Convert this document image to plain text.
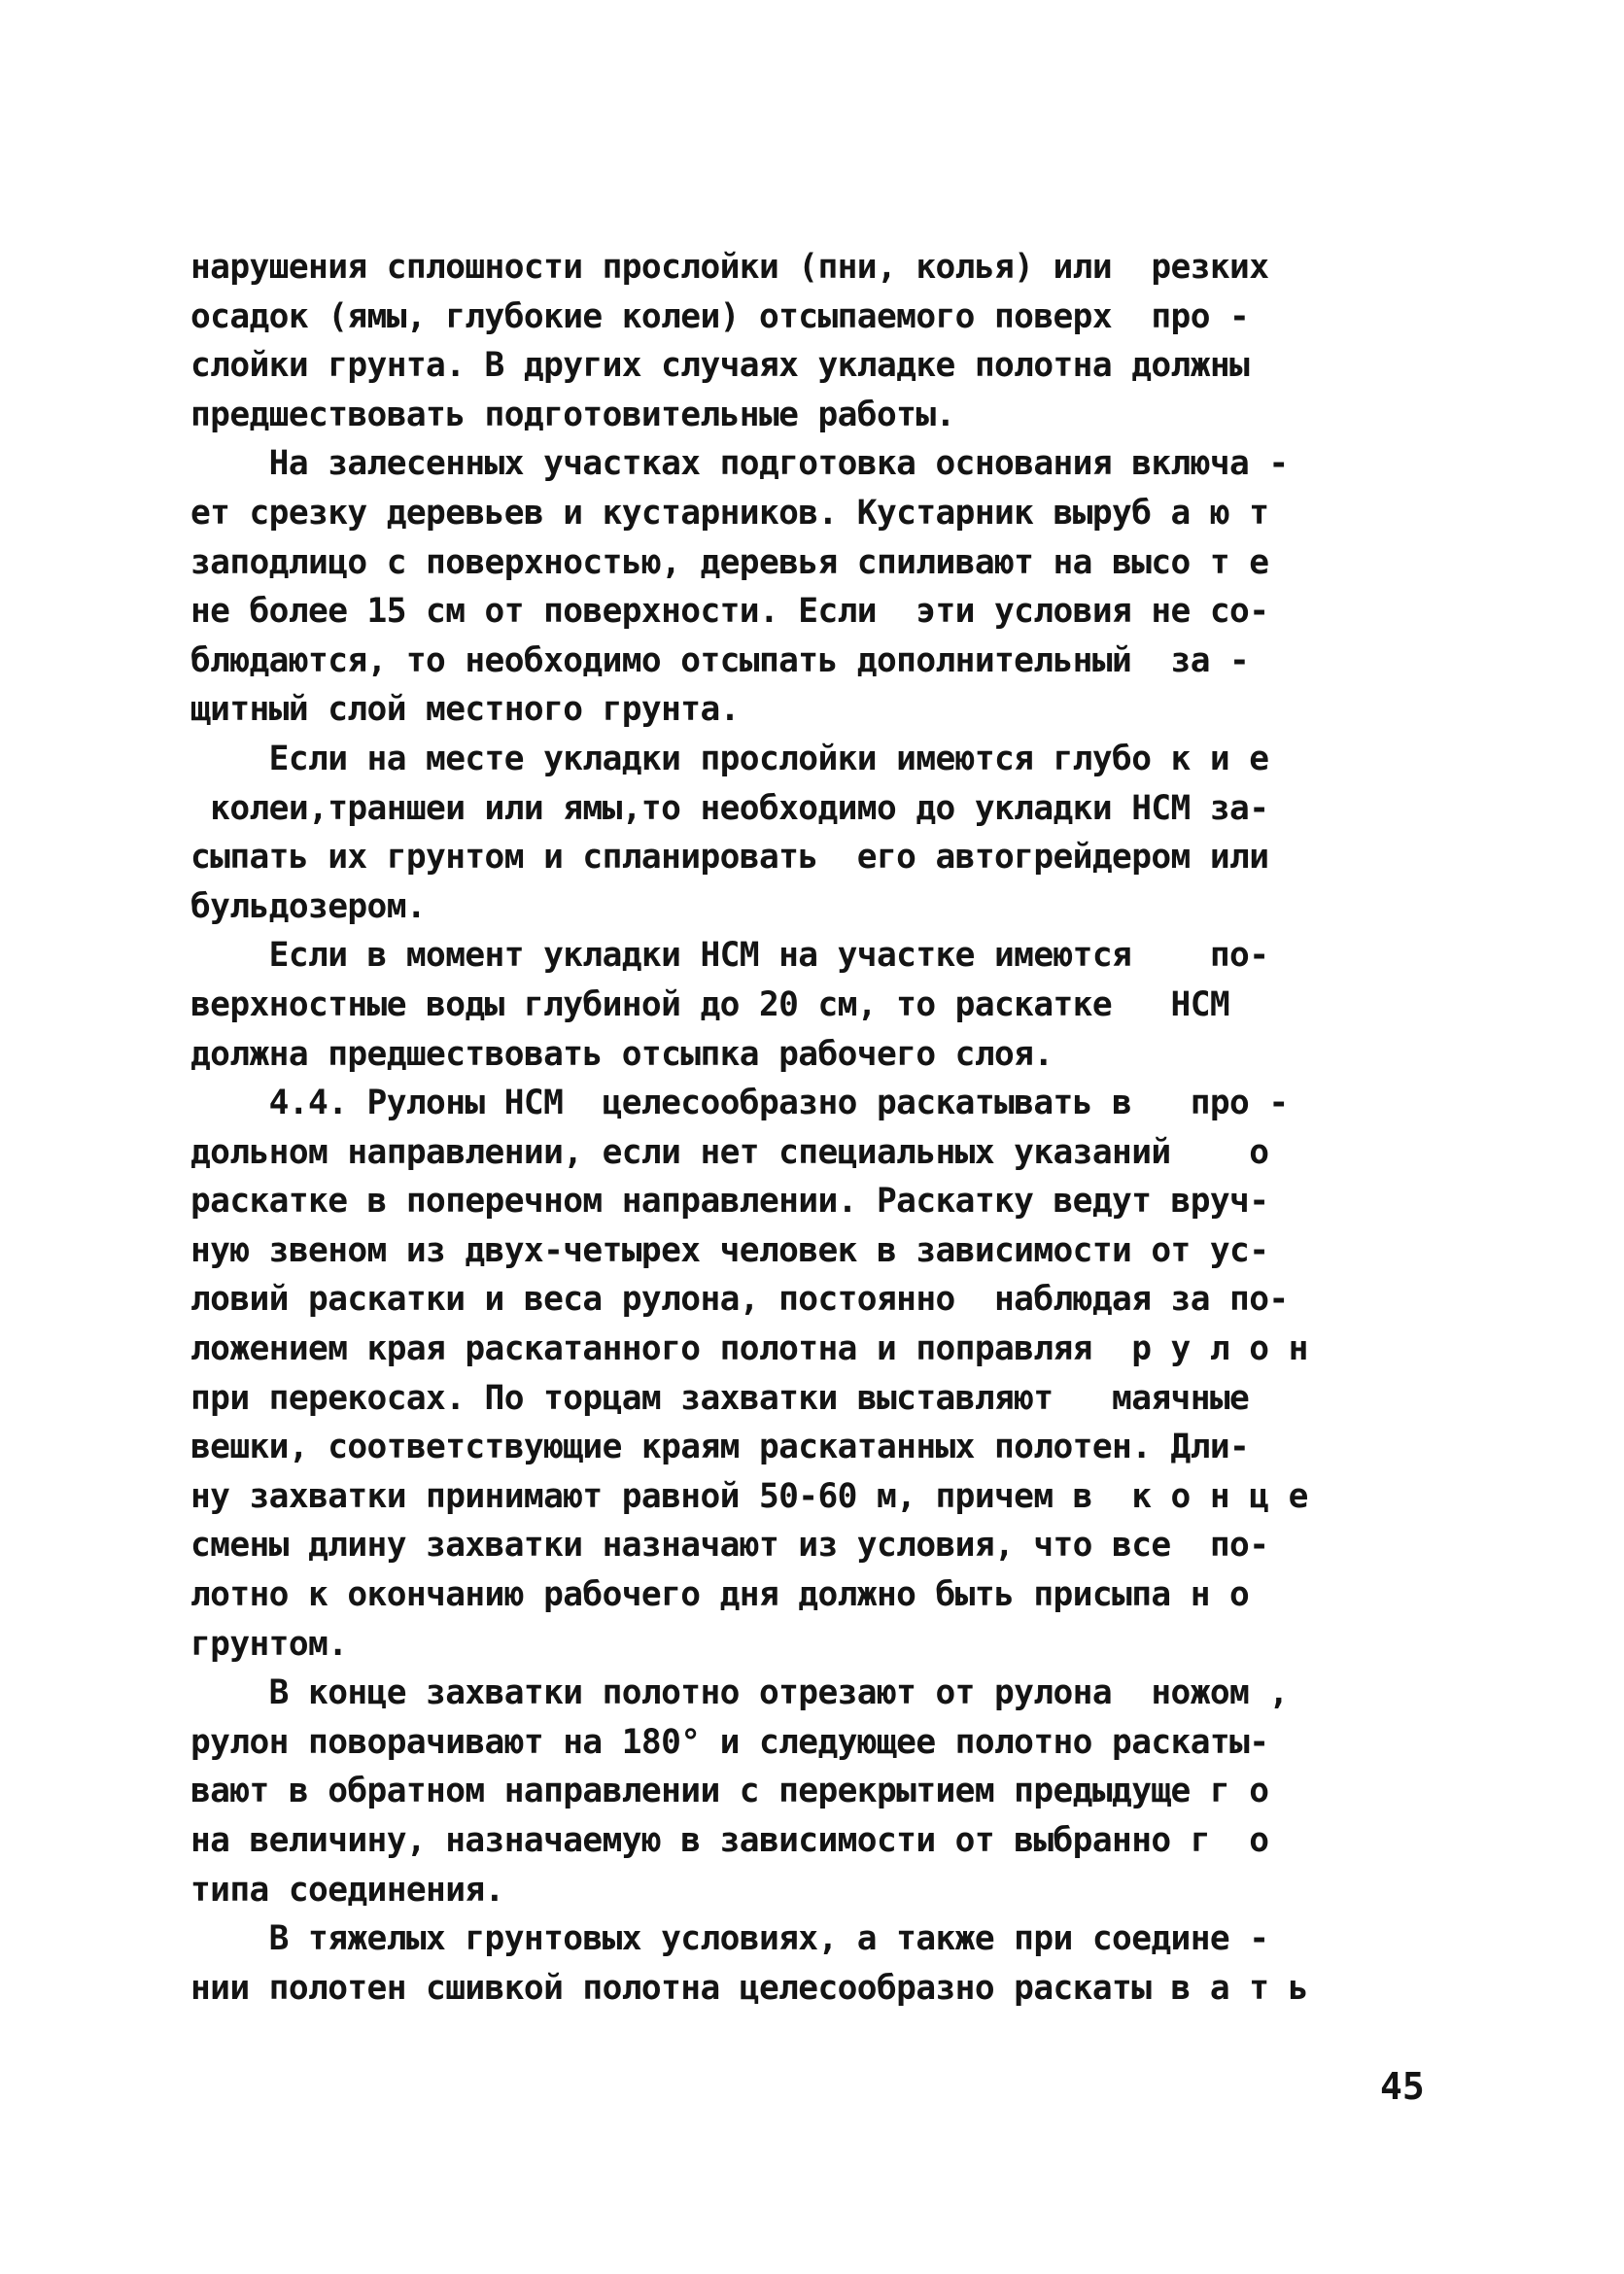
нарушения сплошности прослойки (пни, колья) или  резких
осадок (ямы, глубокие колеи) отсыпаемого поверх  про -
слойки грунта. В других случаях укладке полотна должны
предшествовать подготовительные работы.
На залесенных участках подготовка основания включа -
ет срезку деревьев и кустарников. Кустарник выруб а ю т
заподлицо с поверхностью, деревья спиливают на высо т е
не более 15 см от поверхности. Если  эти условия не со-
блюдаются, то необходимо отсыпать дополнительный  за -
щитный слой местного грунта.
Если на месте укладки прослойки имеются глубо к и е
колеи,траншеи или ямы,то необходимо до укладки НСМ за-
сыпать их грунтом и спланировать  его автогрейдером или
бульдозером.
Если в момент укладки НСМ на участке имеются    по-
верхностные воды глубиной до 20 см, то раскатке   НСМ
должна предшествовать отсыпка рабочего слоя.
4.4. Рулоны НСМ  целесообразно раскатывать в   про -
дольном направлении, если нет специальных указаний    о
раскатке в поперечном направлении. Раскатку ведут вруч-
ную звеном из двух-четырех человек в зависимости от ус-
ловий раскатки и веса рулона, постоянно  наблюдая за по-
ложением края раскатанного полотна и поправляя  р у л о н
при перекосах. По торцам захватки выставляют   маячные
вешки, соответствующие краям раскатанных полотен. Дли-
ну захватки принимают равной 50-60 м, причем в  к о н ц е
смены длину захватки назначают из условия, что все  по-
лотно к окончанию рабочего дня должно быть присыпа н о
грунтом.
В конце захватки полотно отрезают от рулона  ножом ,
рулон поворачивают на 180° и следующее полотно раскаты-
вают в обратном направлении с перекрытием предыдуще г о
на величину, назначаемую в зависимости от выбранно г  о
типа соединения.
В тяжелых грунтовых условиях, а также при соедине -
нии полотен сшивкой полотна целесообразно раскаты в а т ь
45
